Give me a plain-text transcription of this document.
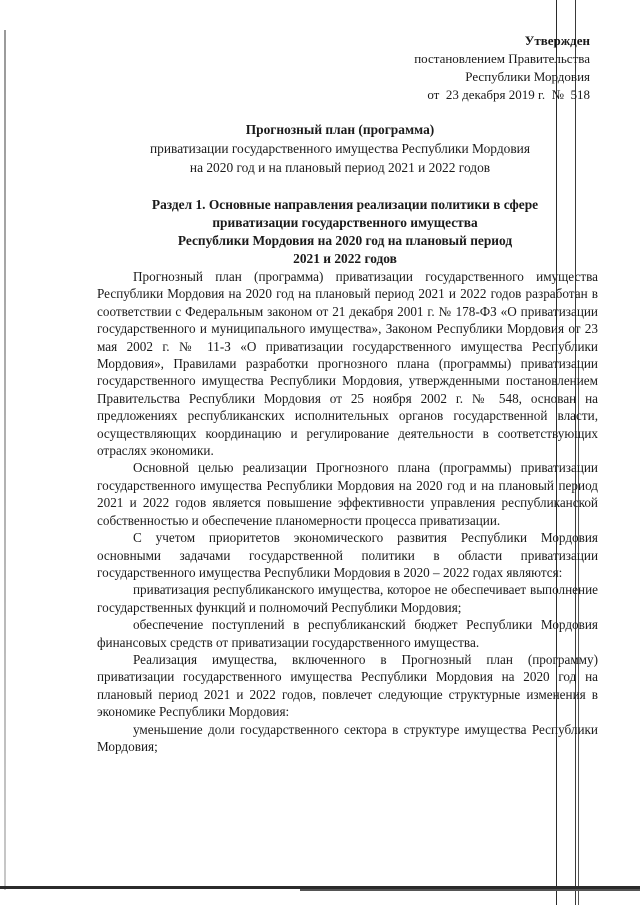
Утвержден
постановлением Правительства
Республики Мордовия
от 23 декабря 2019 г. № 518
Прогнозный план (программа)
приватизации государственного имущества Республики Мордовия
на 2020 год и на плановый период 2021 и 2022 годов
Раздел 1. Основные направления реализации политики в сфере
приватизации государственного имущества
Республики Мордовия на 2020 год на плановый период
2021 и 2022 годов

Прогнозный план (программа) приватизации государственного имущества Республики Мордовия на 2020 год на плановый период 2021 и 2022 годов разработан в соответствии с Федеральным законом от 21 декабря 2001 г. № 178-ФЗ «О приватизации государственного и муниципального имущества», Законом Республики Мордовия от 23 мая 2002 г. № 11-З «О приватизации государственного имущества Республики Мордовия», Правилами разработки прогнозного плана (программы) приватизации государственного имущества Республики Мордовия, утвержденными постановлением Правительства Республики Мордовия от 25 ноября 2002 г. № 548, основан на предложениях республиканских исполнительных органов государственной власти, осуществляющих координацию и регулирование деятельности в соответствующих отраслях экономики.

Основной целью реализации Прогнозного плана (программы) приватизации государственного имущества Республики Мордовия на 2020 год и на плановый период 2021 и 2022 годов является повышение эффективности управления республиканской собственностью и обеспечение планомерности процесса приватизации.

С учетом приоритетов экономического развития Республики Мордовия основными задачами государственной политики в области приватизации государственного имущества Республики Мордовия в 2020 – 2022 годах являются:

приватизация республиканского имущества, которое не обеспечивает выполнение государственных функций и полномочий Республики Мордовия;

обеспечение поступлений в республиканский бюджет Республики Мордовия финансовых средств от приватизации государственного имущества.

Реализация имущества, включенного в Прогнозный план (программу) приватизации государственного имущества Республики Мордовия на 2020 год на плановый период 2021 и 2022 годов, повлечет следующие структурные изменения в экономике Республики Мордовия:

уменьшение доли государственного сектора в структуре имущества Республики Мордовия;
